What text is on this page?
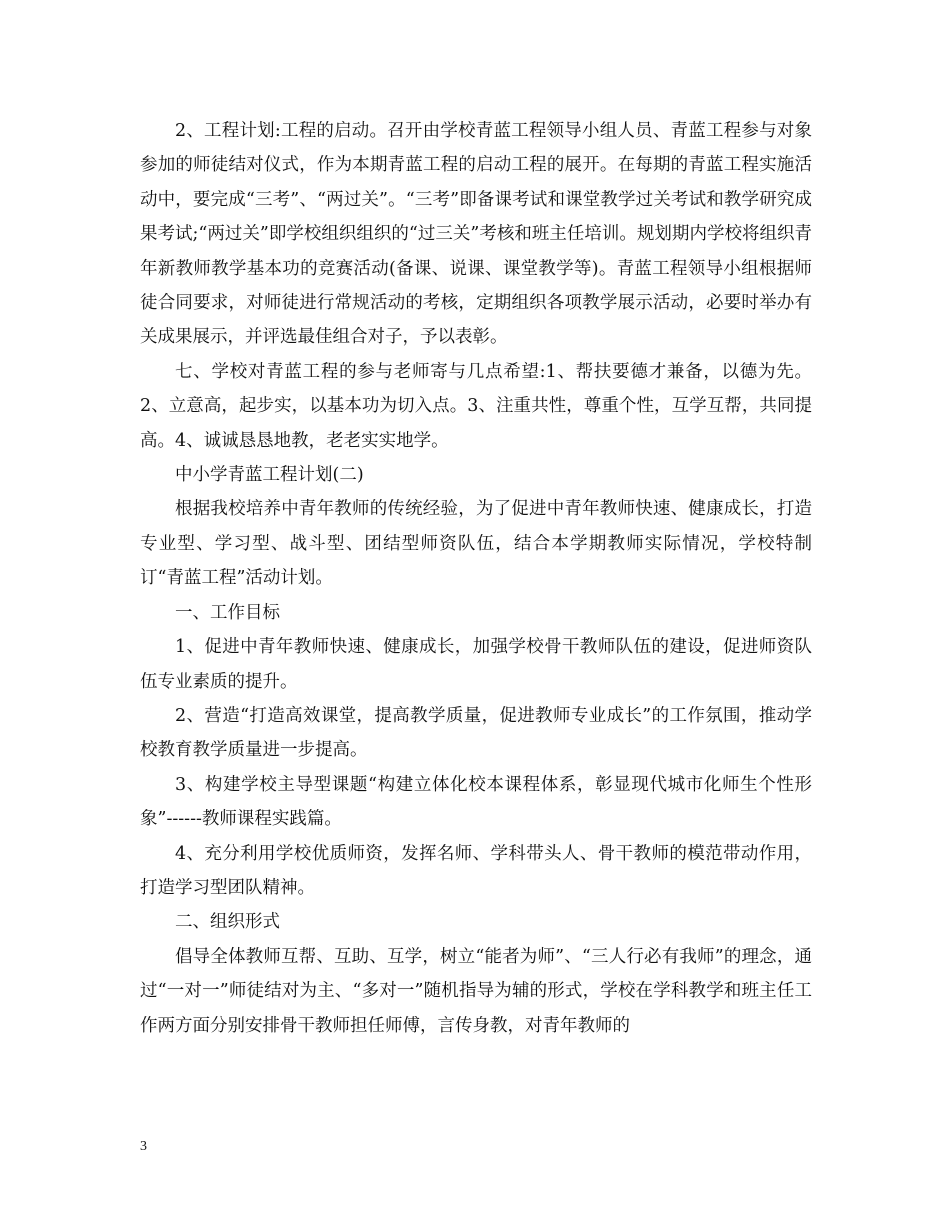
2、工程计划:工程的启动。召开由学校青蓝工程领导小组人员、青蓝工程参与对象参加的师徒结对仪式，作为本期青蓝工程的启动工程的展开。在每期的青蓝工程实施活动中，要完成“三考”、“两过关”。“三考”即备课考试和课堂教学过关考试和教学研究成果考试;“两过关”即学校组织组织的“过三关”考核和班主任培训。规划期内学校将组织青年新教师教学基本功的竞赛活动(备课、说课、课堂教学等)。青蓝工程领导小组根据师徒合同要求，对师徒进行常规活动的考核，定期组织各项教学展示活动，必要时举办有关成果展示，并评选最佳组合对子，予以表彰。

七、学校对青蓝工程的参与老师寄与几点希望:1、帮扶要德才兼备，以德为先。2、立意高，起步实，以基本功为切入点。3、注重共性，尊重个性，互学互帮，共同提高。4、诚诚恳恳地教，老老实实地学。

中小学青蓝工程计划(二)

根据我校培养中青年教师的传统经验，为了促进中青年教师快速、健康成长，打造专业型、学习型、战斗型、团结型师资队伍，结合本学期教师实际情况，学校特制订“青蓝工程”活动计划。

一、工作目标

1、促进中青年教师快速、健康成长，加强学校骨干教师队伍的建设，促进师资队伍专业素质的提升。

2、营造“打造高效课堂，提高教学质量，促进教师专业成长”的工作氛围，推动学校教育教学质量进一步提高。

3、构建学校主导型课题“构建立体化校本课程体系，彰显现代城市化师生个性形象”------教师课程实践篇。

4、充分利用学校优质师资，发挥名师、学科带头人、骨干教师的模范带动作用，打造学习型团队精神。

二、组织形式

倡导全体教师互帮、互助、互学，树立“能者为师”、“三人行必有我师”的理念，通过“一对一”师徒结对为主、“多对一”随机指导为辅的形式，学校在学科教学和班主任工作两方面分别安排骨干教师担任师傅，言传身教，对青年教师的

3
